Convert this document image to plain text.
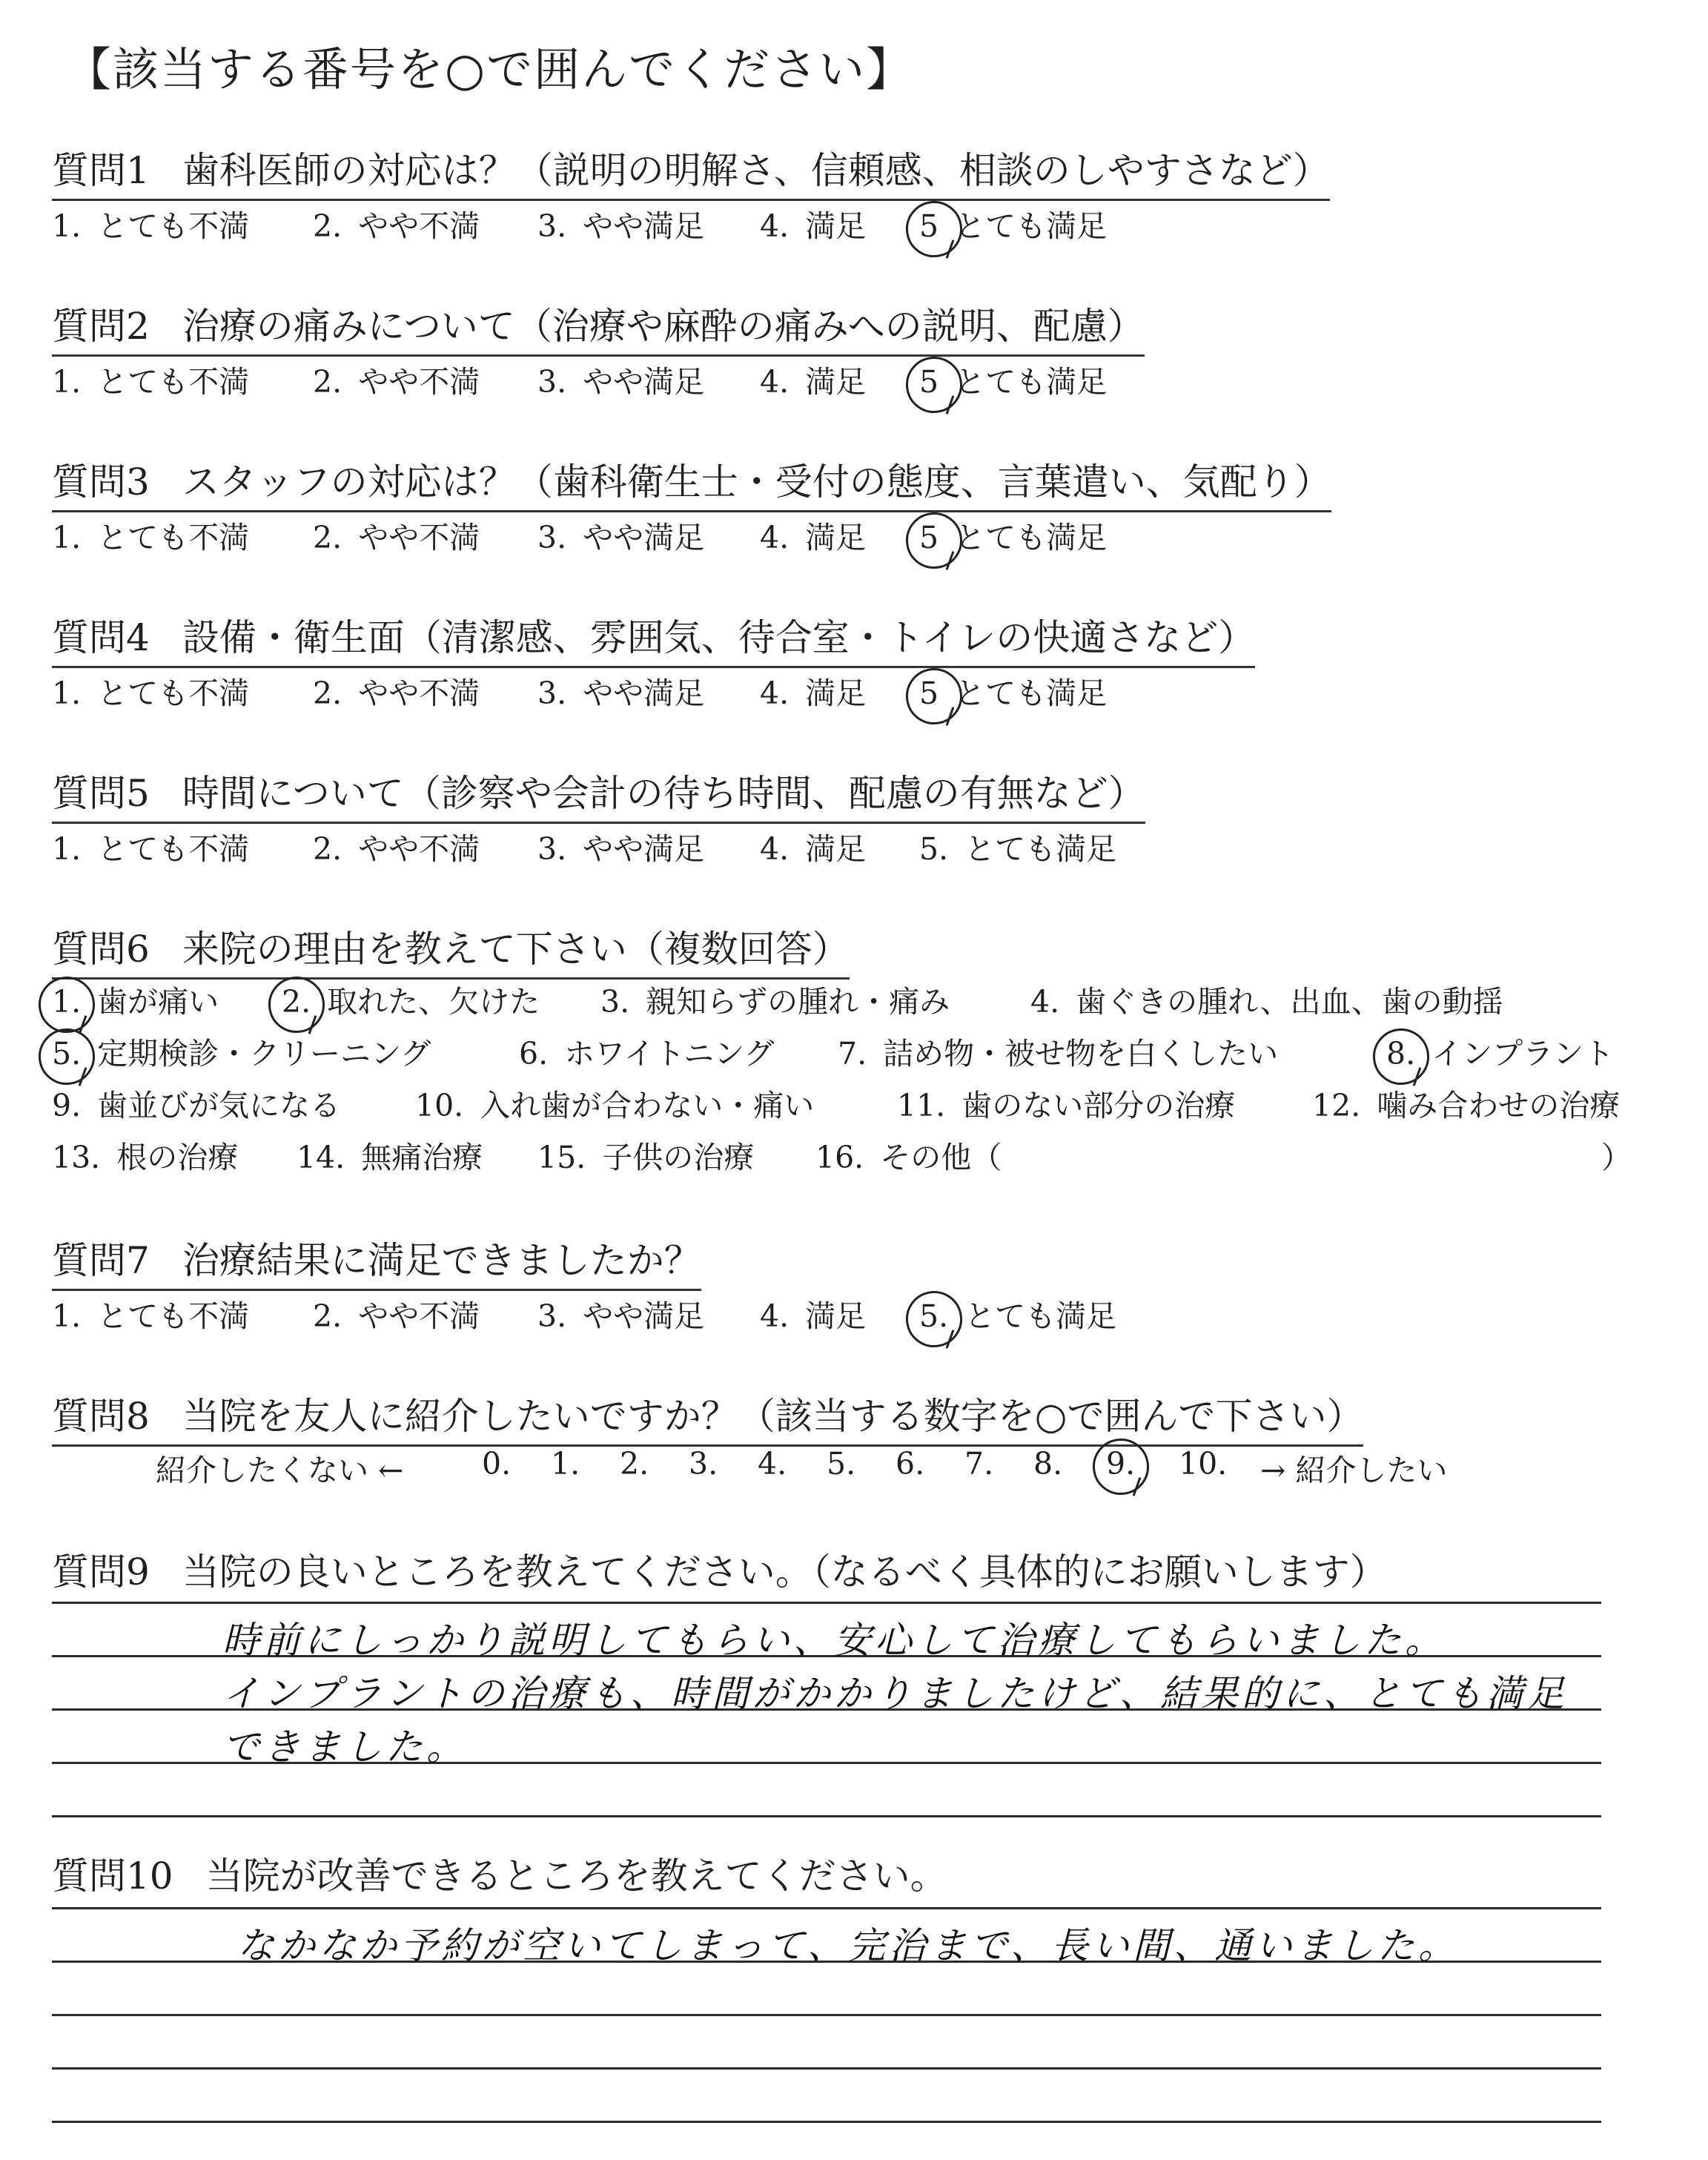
【該当する番号を○で囲んでください】
質問1 歯科医師の対応は？（説明の明解さ、信頼感、相談のしやすさなど）
1. とても不満 2. やや不満 3. やや満足 4. 満足 5 とても満足
質問2 治療の痛みについて（治療や麻酔の痛みへの説明、配慮）
1. とても不満 2. やや不満 3. やや満足 4. 満足 5 とても満足
質問3 スタッフの対応は？（歯科衛生士・受付の態度、言葉遣い、気配り）
1. とても不満 2. やや不満 3. やや満足 4. 満足 5 とても満足
質問4 設備・衛生面（清潔感、雰囲気、待合室・トイレの快適さなど）
1. とても不満 2. やや不満 3. やや満足 4. 満足 5 とても満足
質問5 時間について（診察や会計の待ち時間、配慮の有無など）
1. とても不満 2. やや不満 3. やや満足 4. 満足 5. とても満足
質問6 来院の理由を教えて下さい（複数回答）
1. 歯が痛い 2. 取れた、欠けた 3. 親知らずの腫れ・痛み	4. 歯ぐきの腫れ、出血、歯の動揺
5. 定期検診・クリーニング	6. ホワイトニング 7. 詰め物・被せ物を白くしたい	8. インプラント
9. 歯並びが気になる 10. 入れ歯が合わない・痛い	11. 歯のない部分の治療	12. 噛み合わせの治療
13. 根の治療 14. 無痛治療 15. 子供の治療 16. その他（	）
質問7 治療結果に満足できましたか？
1. とても不満 2. やや不満 3. やや満足 4. 満足 5. とても満足
質問8 当院を友人に紹介したいですか？（該当する数字を○で囲んで下さい）
紹介したくない ←	0. 1. 2. 3. 4. 5. 6. 7. 8. 9.	10. → 紹介したい
質問9 当院の良いところを教えてください。（なるべく具体的にお願いします）
時前にしっかり説明してもらい、安心して治療してもらいました。
インプラントの治療も、時間がかかりましたけど、結果的に、とても満足
できました。
質問10 当院が改善できるところを教えてください。
なかなか予約が空いてしまって、完治まで、長い間、通いました。
